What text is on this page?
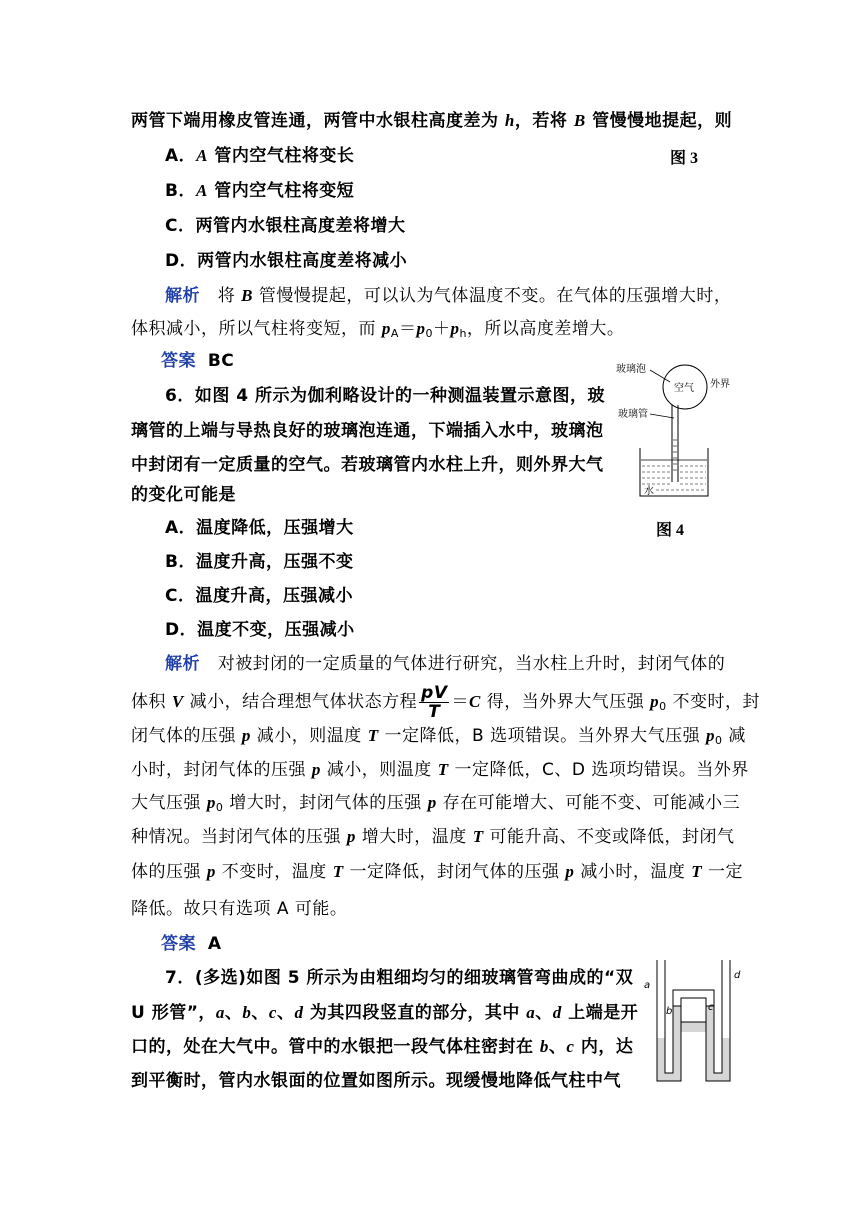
两管下端用橡皮管连通，两管中水银柱高度差为 h，若将 B 管慢慢地提起，则
图 3
A．A 管内空气柱将变长
B．A 管内空气柱将变短
C．两管内水银柱高度差将增大
D．两管内水银柱高度差将减小
解析 将 B 管慢慢提起，可以认为气体温度不变。在气体的压强增大时，
体积减小，所以气柱将变短，而 $p_A=p_0+p_h$，所以高度差增大。
答案 BC
6．如图 4 所示为伽利略设计的一种测温装置示意图，玻
璃管的上端与导热良好的玻璃泡连通，下端插入水中，玻璃泡
中封闭有一定质量的空气。若玻璃管内水柱上升，则外界大气
的变化可能是
玻璃泡
空气 外界
玻璃管
水
图 4
A．温度降低，压强增大
B．温度升高，压强不变
C．温度升高，压强减小
D．温度不变，压强减小
解析 对被封闭的一定质量的气体进行研究，当水柱上升时，封闭气体的
体积 V 减小，结合理想气体状态方程 $\frac{pV}{T} =C$ 得，当外界大气压强 $p_0$ 不变时，封
闭气体的压强 p 减小，则温度 T 一定降低，B 选项错误。当外界大气压强 $p_0$ 减
小时，封闭气体的压强 p 减小，则温度 T 一定降低，C、D 选项均错误。当外界
大气压强 $p_0$ 增大时，封闭气体的压强 p 存在可能增大、可能不变、可能减小三
种情况。当封闭气体的压强 p 增大时，温度 T 可能升高、不变或降低，封闭气
体的压强 p 不变时，温度 T 一定降低，封闭气体的压强 p 减小时，温度 T 一定
降低。故只有选项 A 可能。
答案 A
7．(多选)如图 5 所示为由粗细均匀的细玻璃管弯曲成的“双
U 形管”，a、b、c、d 为其四段竖直的部分，其中 a、d 上端是开
口的，处在大气中。管中的水银把一段气体柱密封在 b、c 内，达
到平衡时，管内水银面的位置如图所示。现缓慢地降低气柱中气
a
b	c
d
